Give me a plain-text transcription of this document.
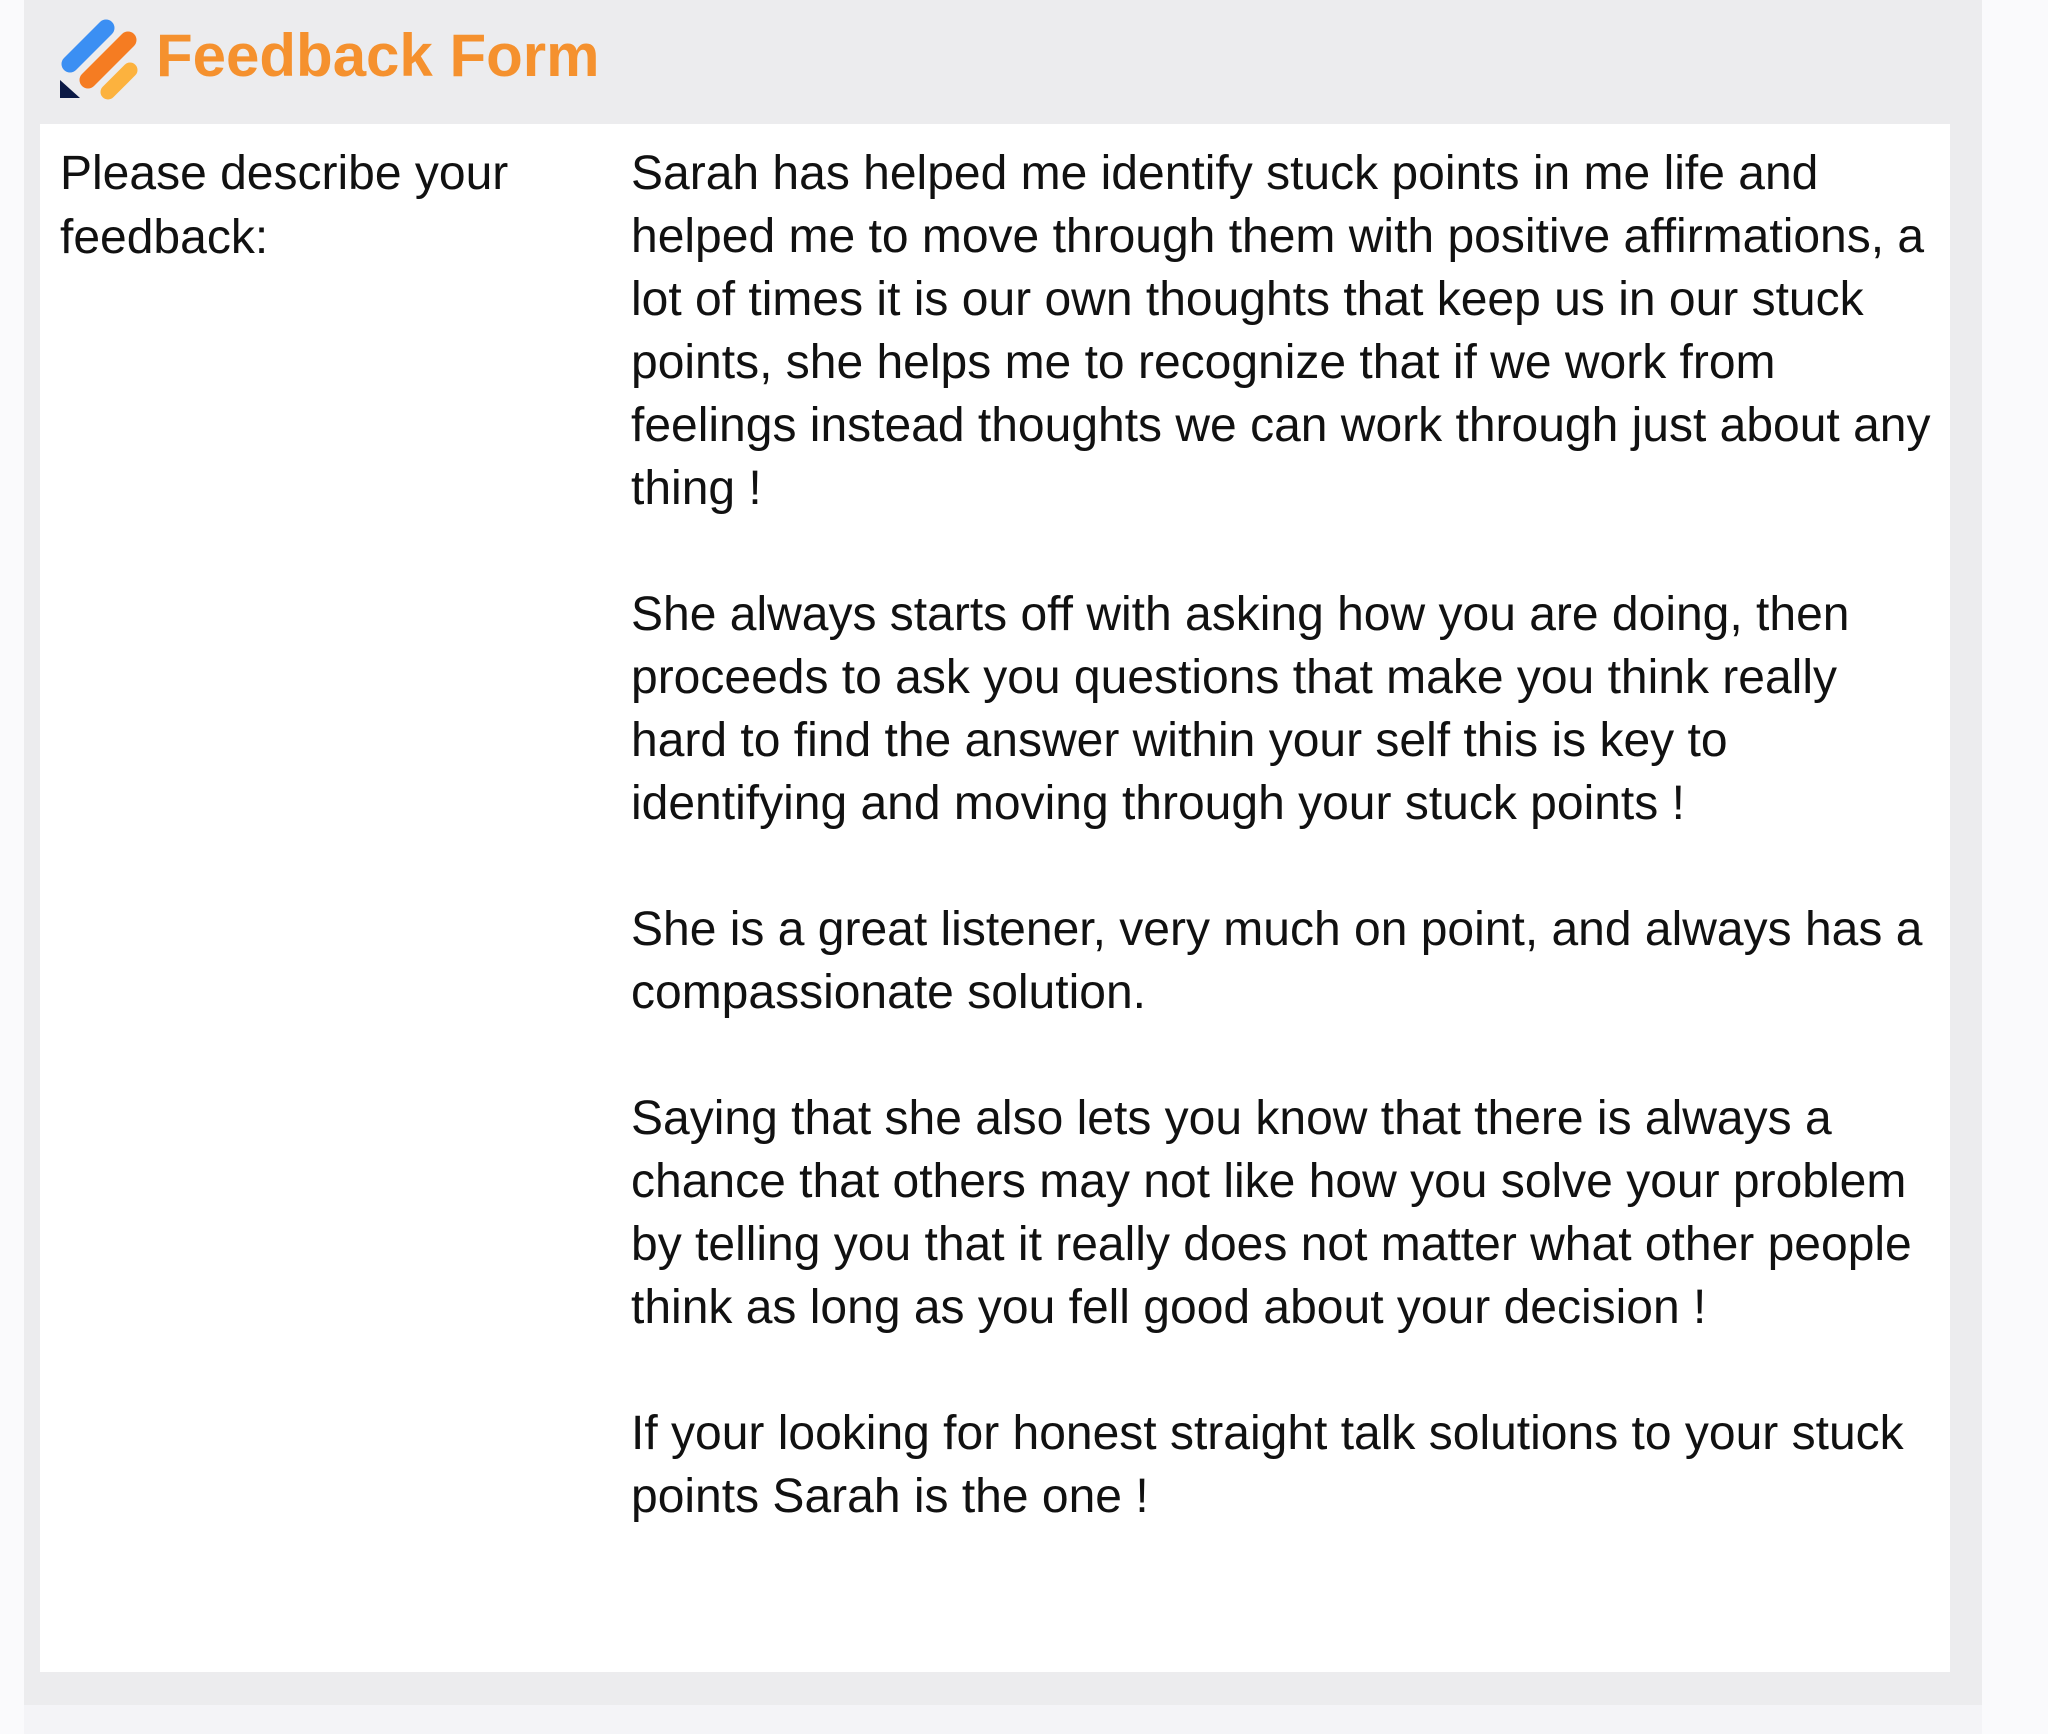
Feedback Form
Please describe your feedback:

Sarah has helped me identify stuck points in me life and helped me to move through them with positive affirmations, a lot of times it is our own thoughts that keep us in our stuck points, she helps me to recognize that if we work from feelings instead thoughts we can work through just about any thing !

She always starts off with asking how you are doing, then proceeds to ask you questions that make you think really hard to find the answer within your self this is key to identifying and moving through your stuck points !

She is a great listener, very much on point, and always has a compassionate solution.

Saying that she also lets you know that there is always a chance that others may not like how you solve your problem by telling you that it really does not matter what other people think as long as you fell good about your decision !

If your looking for honest straight talk solutions to your stuck points Sarah is the one !
